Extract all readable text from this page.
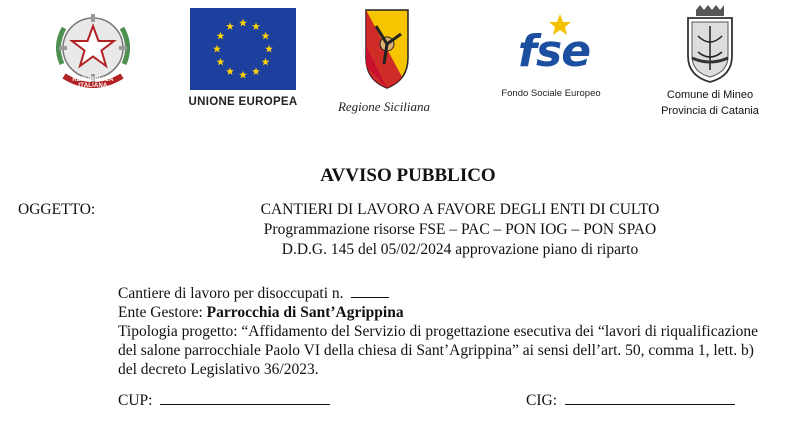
REPUBBLICA ITALIANA
UNIONE EUROPEA	Regione Siciliana
fse
Fondo Sociale Europeo	Comune di Mineo
Provincia di Catania
AVVISO PUBBLICO
OGGETTO:	CANTIERI DI LAVORO A FAVORE DEGLI ENTI DI CULTO
Programmazione risorse FSE – PAC – PON IOG – PON SPAO
D.D.G. 145 del 05/02/2024 approvazione piano di riparto
Cantiere di lavoro per disoccupati n.
Ente Gestore: Parrocchia di Sant’Agrippina
Tipologia progetto: “Affidamento del Servizio di progettazione esecutiva dei “lavori di riqualificazione
del salone parrocchiale Paolo VI della chiesa di Sant’Agrippina” ai sensi dell’art. 50, comma 1, lett. b)
del decreto Legislativo 36/2023.
CUP:	CIG:
